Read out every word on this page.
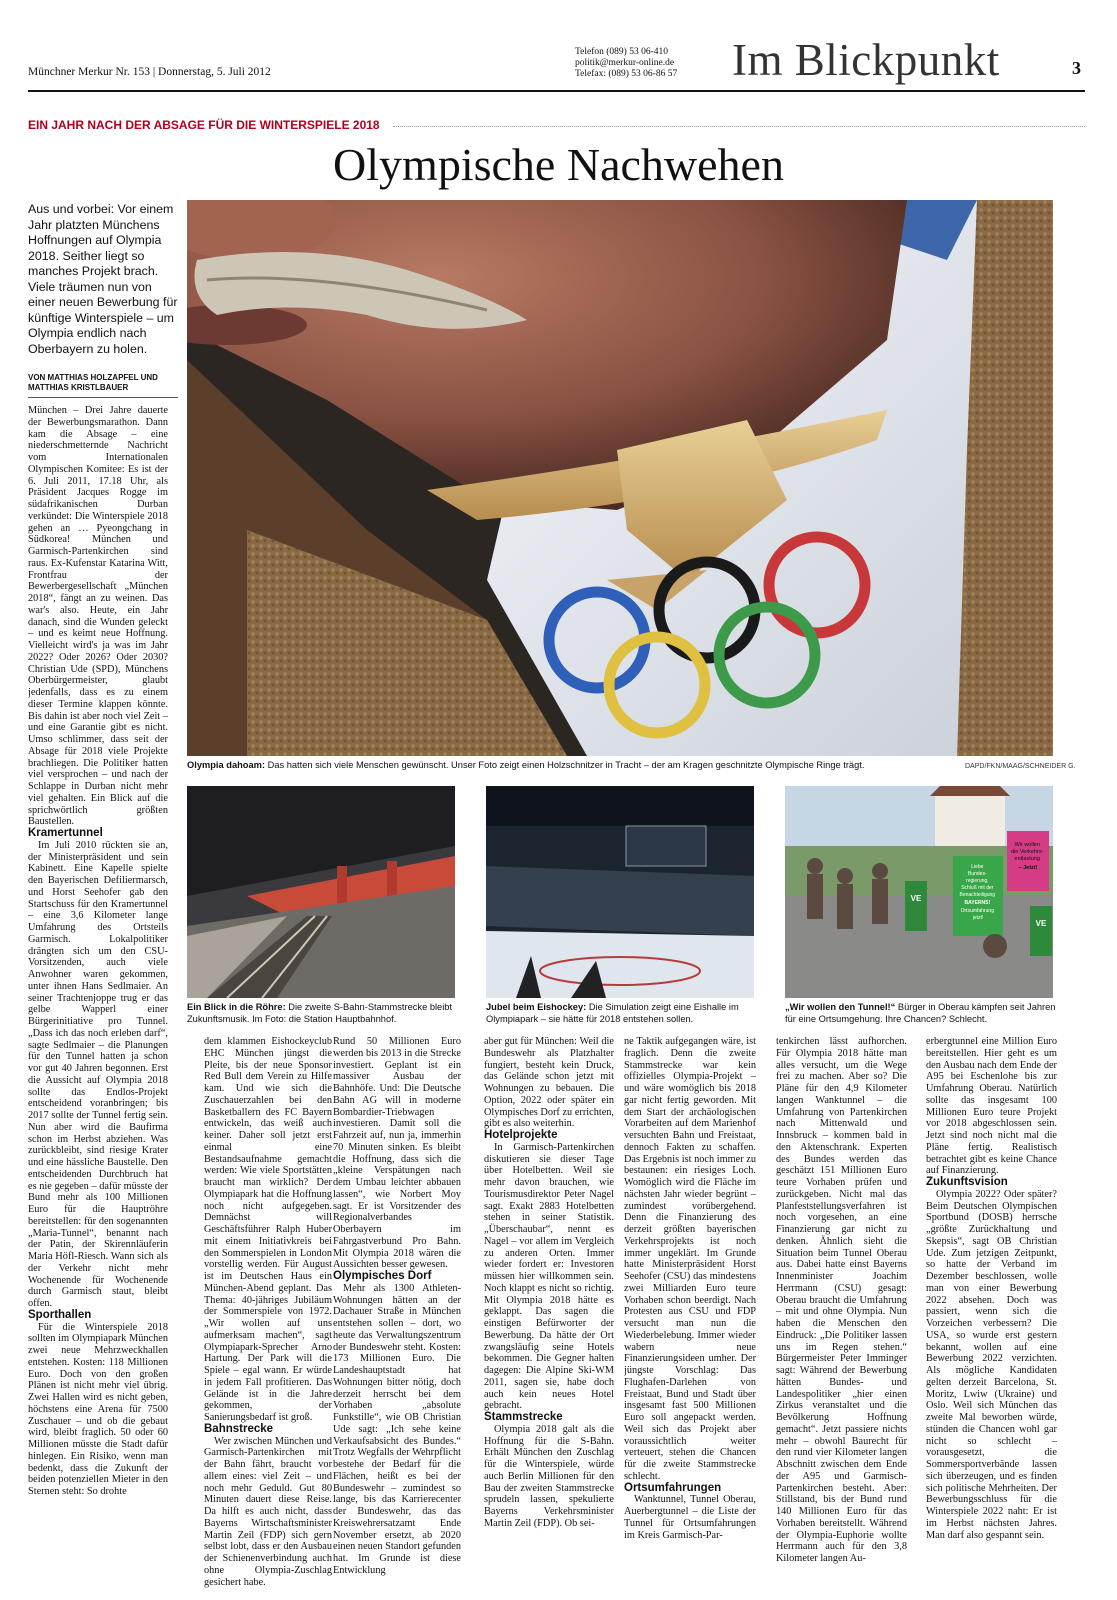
Münchner Merkur Nr. 153 | Donnerstag, 5. Juli 2012
Telefon (089) 53 06-410
politik@merkur-online.de
Telefax: (089) 53 06-86 57 Im Blickpunkt	3
EIN JAHR NACH DER ABSAGE FÜR DIE WINTERSPIELE 2018
Olympische Nachwehen
Aus und vorbei: Vor einem Jahr platzten Münchens Hoffnungen auf Olympia 2018. Seither liegt so manches Projekt brach. Viele träumen nun von einer neuen Bewerbung für künftige Winterspiele – um Olympia endlich nach Oberbayern zu holen.
VON MATTHIAS HOLZAPFEL UND MATTHIAS KRISTLBAUER
Olympia dahoam: Das hatten sich viele Menschen gewünscht. Unser Foto zeigt einen Holzschnitzer in Tracht – der am Kragen geschnitzte Olympische Ringe trägt.	DAPD/FKN/MAAG/SCHNEIDER G.
Wir wollen die Verkehrs- entlastung – Jetzt!
Liebe Bundes- regierung, Schluß mit der Benachteiligung BAYERNS! Ortsumfahrung jetzt!
VE
VE
Ein Blick in die Röhre: Die zweite S-Bahn-Stammstrecke bleibt Zukunftsmusik. Im Foto: die Station Hauptbahnhof.
Jubel beim Eishockey: Die Simulation zeigt eine Eishalle im Olympiapark – sie hätte für 2018 entstehen sollen.
„Wir wollen den Tunnel!“ Bürger in Oberau kämpfen seit Jahren für eine Ortsumgehung. Ihre Chancen? Schlecht.

München – Drei Jahre dauerte der Bewerbungsmarathon. Dann kam die Absage – eine niederschmetternde Nachricht vom Internationalen Olympischen Komitee: Es ist der 6. Juli 2011, 17.18 Uhr, als Präsident Jacques Rogge im südafrikanischen Durban verkündet: Die Winterspiele 2018 gehen an … Pyeongchang in Südkorea! München und Garmisch-Partenkirchen sind raus. Ex-Kufenstar Katarina Witt, Frontfrau der Bewerbergesellschaft „München 2018“, fängt an zu weinen. Das war's also. Heute, ein Jahr danach, sind die Wunden geleckt – und es keimt neue Hoffnung. Vielleicht wird's ja was im Jahr 2022? Oder 2026? Oder 2030? Christian Ude (SPD), Münchens Oberbürgermeister, glaubt jedenfalls, dass es zu einem dieser Termine klappen könnte. Bis dahin ist aber noch viel Zeit – und eine Garantie gibt es nicht. Umso schlimmer, dass seit der Absage für 2018 viele Projekte brachliegen. Die Politiker hatten viel versprochen – und nach der Schlappe in Durban nicht mehr viel gehalten. Ein Blick auf die sprichwörtlich größten Baustellen.

Kramertunnel

Im Juli 2010 rückten sie an, der Ministerpräsident und sein Kabinett. Eine Kapelle spielte den Bayerischen Defiliermarsch, und Horst Seehofer gab den Startschuss für den Kramertunnel – eine 3,6 Kilometer lange Umfahrung des Ortsteils Garmisch. Lokalpolitiker drängten sich um den CSU-Vorsitzenden, auch viele Anwohner waren gekommen, unter ihnen Hans Sedlmaier. An seiner Trachtenjoppe trug er das gelbe Wapperl einer Bürgerinitiative pro Tunnel. „Dass ich das noch erleben darf“, sagte Sedlmaier – die Planungen für den Tunnel hatten ja schon vor gut 40 Jahren begonnen. Erst die Aussicht auf Olympia 2018 sollte das Endlos-Projekt entscheidend voranbringen; bis 2017 sollte der Tunnel fertig sein. Nun aber wird die Baufirma schon im Herbst abziehen. Was zurückbleibt, sind riesige Krater und eine hässliche Baustelle. Den entscheidenden Durchbruch hat es nie gegeben – dafür müsste der Bund mehr als 100 Millionen Euro für die Hauptröhre bereitstellen: für den sogenannten „Maria-Tunnel“, benannt nach der Patin, der Skirennläuferin Maria Höfl-Riesch. Wann sich als der Verkehr nicht mehr Wochenende für Wochenende durch Garmisch staut, bleibt offen.

Sporthallen

Für die Winterspiele 2018 sollten im Olympiapark München zwei neue Mehrzweckhallen entstehen. Kosten: 118 Millionen Euro. Doch von den großen Plänen ist nicht mehr viel übrig. Zwei Hallen wird es nicht geben, höchstens eine Arena für 7500 Zuschauer – und ob die gebaut wird, bleibt fraglich. 50 oder 60 Millionen müsste die Stadt dafür hinlegen. Ein Risiko, wenn man bedenkt, dass die Zukunft der beiden potenziellen Mieter in den Sternen steht: So drohte

dem klammen Eishockeyclub EHC München jüngst die Pleite, bis der neue Sponsor Red Bull dem Verein zu Hilfe kam. Und wie sich die Zuschauerzahlen bei den Basketballern des FC Bayern entwickeln, das weiß auch keiner. Daher soll jetzt erst einmal eine Bestandsaufnahme gemacht werden: Wie viele Sportstätten braucht man wirklich? Der Olympiapark hat die Hoffnung noch nicht aufgegeben. Demnächst will Geschäftsführer Ralph Huber mit einem Initiativkreis bei den Sommerspielen in London vorstellig werden. Für August ist im Deutschen Haus ein München-Abend geplant. Das Thema: 40-jähriges Jubiläum der Sommerspiele von 1972. „Wir wollen auf uns aufmerksam machen“, sagt Olympiapark-Sprecher Arno Hartung. Der Park will die Spiele – egal wann. Er würde in jedem Fall profitieren. Das Gelände ist in die Jahre gekommen, der Sanierungsbedarf ist groß.

Bahnstrecke

Wer zwischen München und Garmisch-Partenkirchen mit der Bahn fährt, braucht vor allem eines: viel Zeit – und noch mehr Geduld. Gut 80 Minuten dauert diese Reise. Da hilft es auch nicht, dass Bayerns Wirtschaftsminister Martin Zeil (FDP) sich gern selbst lobt, dass er den Ausbau der Schienenverbindung auch ohne Olympia-Zuschlag gesichert habe.

Rund 50 Millionen Euro werden bis 2013 in die Strecke investiert. Geplant ist ein massiver Ausbau der Bahnhöfe. Und: Die Deutsche Bahn AG will in moderne Bombardier-Triebwagen investieren. Damit soll die Fahrzeit auf, nun ja, immerhin 70 Minuten sinken. Es bleibt die Hoffnung, dass sich die „kleine Verspätungen nach dem Umbau leichter abbauen lassen“, wie Norbert Moy sagt. Er ist Vorsitzender des Regionalverbandes Oberbayern im Fahrgastverbund Pro Bahn. Mit Olympia 2018 wären die Aussichten besser gewesen.

Olympisches Dorf

Mehr als 1300 Athleten-Wohnungen hätten an der Dachauer Straße in München entstehen sollen – dort, wo heute das Verwaltungszentrum der Bundeswehr steht. Kosten: 173 Millionen Euro. Die Landeshauptstadt hat Wohnungen bitter nötig, doch derzeit herrscht bei dem Vorhaben „absolute Funkstille“, wie OB Christian Ude sagt: „Ich sehe keine Verkaufsabsicht des Bundes.“ Trotz Wegfalls der Wehrpflicht bestehe der Bedarf für die Flächen, heißt es bei der Bundeswehr – zumindest so lange, bis das Karrierecenter der Bundeswehr, das das Kreiswehrersatzamt Ende November ersetzt, ab 2020 einen neuen Standort gefunden hat. Im Grunde ist diese Entwicklung

aber gut für München: Weil die Bundeswehr als Platzhalter fungiert, besteht kein Druck, das Gelände schon jetzt mit Wohnungen zu bebauen. Die Option, 2022 oder später ein Olympisches Dorf zu errichten, gibt es also weiterhin.

Hotelprojekte

In Garmisch-Partenkirchen diskutieren sie dieser Tage über Hotelbetten. Weil sie mehr davon brauchen, wie Tourismusdirektor Peter Nagel sagt. Exakt 2883 Hotelbetten stehen in seiner Statistik. „Überschaubar“, nennt es Nagel – vor allem im Vergleich zu anderen Orten. Immer wieder fordert er: Investoren müssen hier willkommen sein. Noch klappt es nicht so richtig. Mit Olympia 2018 hätte es geklappt. Das sagen die einstigen Befürworter der Bewerbung. Da hätte der Ort zwangsläufig seine Hotels bekommen. Die Gegner halten dagegen: Die Alpine Ski-WM 2011, sagen sie, habe doch auch kein neues Hotel gebracht.

Stammstrecke

Olympia 2018 galt als die Hoffnung für die S-Bahn. Erhält München den Zuschlag für die Winterspiele, würde auch Berlin Millionen für den Bau der zweiten Stammstrecke sprudeln lassen, spekulierte Bayerns Verkehrsminister Martin Zeil (FDP). Ob sei-

ne Taktik aufgegangen wäre, ist fraglich. Denn die zweite Stammstrecke war kein offizielles Olympia-Projekt – und wäre womöglich bis 2018 gar nicht fertig geworden. Mit dem Start der archäologischen Vorarbeiten auf dem Marienhof versuchten Bahn und Freistaat, dennoch Fakten zu schaffen. Das Ergebnis ist noch immer zu bestaunen: ein riesiges Loch. Womöglich wird die Fläche im nächsten Jahr wieder begrünt – zumindest vorübergehend. Denn die Finanzierung des derzeit größten bayerischen Verkehrsprojekts ist noch immer ungeklärt. Im Grunde hatte Ministerpräsident Horst Seehofer (CSU) das mindestens zwei Milliarden Euro teure Vorhaben schon beerdigt. Nach Protesten aus CSU und FDP versucht man nun die Wiederbelebung. Immer wieder wabern neue Finanzierungsideen umher. Der jüngste Vorschlag: Das Flughafen-Darlehen von Freistaat, Bund und Stadt über insgesamt fast 500 Millionen Euro soll angepackt werden. Weil sich das Projekt aber voraussichtlich weiter verteuert, stehen die Chancen für die zweite Stammstrecke schlecht.

Ortsumfahrungen

Wanktunnel, Tunnel Oberau, Auerbergtunnel – die Liste der Tunnel für Ortsumfahrungen im Kreis Garmisch-Par-

tenkirchen lässt aufhorchen. Für Olympia 2018 hätte man alles versucht, um die Wege frei zu machen. Aber so? Die Pläne für den 4,9 Kilometer langen Wanktunnel – die Umfahrung von Partenkirchen nach Mittenwald und Innsbruck – kommen bald in den Aktenschrank. Experten des Bundes werden das geschätzt 151 Millionen Euro teure Vorhaben prüfen und zurückgeben. Nicht mal das Planfeststellungsverfahren ist noch vorgesehen, an eine Finanzierung gar nicht zu denken. Ähnlich sieht die Situation beim Tunnel Oberau aus. Dabei hatte einst Bayerns Innenminister Joachim Herrmann (CSU) gesagt: Oberau braucht die Umfahrung – mit und ohne Olympia. Nun haben die Menschen den Eindruck: „Die Politiker lassen uns im Regen stehen.“ Bürgermeister Peter Imminger sagt: Während der Bewerbung hätten Bundes- und Landespolitiker „hier einen Zirkus veranstaltet und die Bevölkerung Hoffnung gemacht“. Jetzt passiere nichts mehr – obwohl Baurecht für den rund vier Kilometer langen Abschnitt zwischen dem Ende der A95 und Garmisch-Partenkirchen besteht. Aber: Stillstand, bis der Bund rund 140 Millionen Euro für das Vorhaben bereitstellt. Während der Olympia-Euphorie wollte Herrmann auch für den 3,8 Kilometer langen Au-

erbergtunnel eine Million Euro bereitstellen. Hier geht es um den Ausbau nach dem Ende der A95 bei Eschenlohe bis zur Umfahrung Oberau. Natürlich sollte das insgesamt 100 Millionen Euro teure Projekt vor 2018 abgeschlossen sein. Jetzt sind noch nicht mal die Pläne fertig. Realistisch betrachtet gibt es keine Chance auf Finanzierung.

Zukunftsvision

Olympia 2022? Oder später? Beim Deutschen Olympischen Sportbund (DOSB) herrsche „größte Zurückhaltung und Skepsis“, sagt OB Christian Ude. Zum jetzigen Zeitpunkt, so hatte der Verband im Dezember beschlossen, wolle man von einer Bewerbung 2022 absehen. Doch was passiert, wenn sich die Vorzeichen verbessern? Die USA, so wurde erst gestern bekannt, wollen auf eine Bewerbung 2022 verzichten. Als mögliche Kandidaten gelten derzeit Barcelona, St. Moritz, Lwiw (Ukraine) und Oslo. Weil sich München das zweite Mal beworben würde, stünden die Chancen wohl gar nicht so schlecht – vorausgesetzt, die Sommersportverbände lassen sich überzeugen, und es finden sich politische Mehrheiten. Der Bewerbungsschluss für die Winterspiele 2022 naht: Er ist im Herbst nächsten Jahres. Man darf also gespannt sein.
